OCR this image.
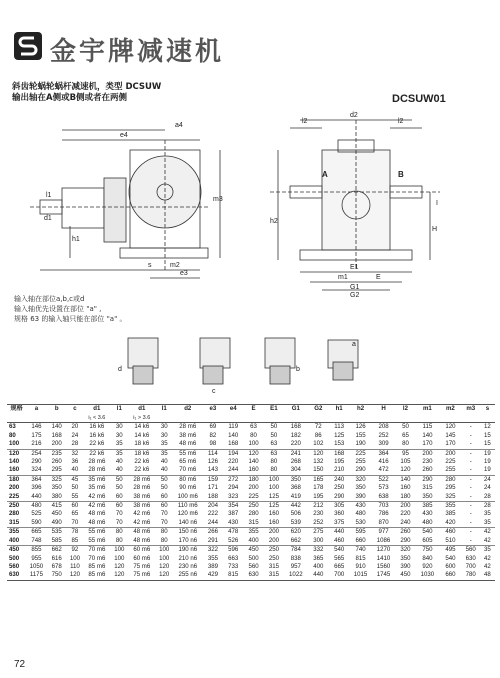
金宇牌减速机
斜齿轮蜗轮蜗杆减速机，类型 DCSUW
输出轴在A侧或B侧或者在两侧	DCSUW01
a4
e4
m2
e3
l1
d1
h1
s
m3
l2	l2
d2
A	B
I
h2
H
E1
m1	E
G1
G2
输入轴在部位a,b,c或d
输入轴优先设置在部位 "a" ,
规格 63 的输入轴只能在部位 "a" 。
d
c
b
a
规格	a	b	c	d1	l1	d1	l1	d2	e3	e4	E	E1	G1	G2	h1	h2	H	l2	m1	m2	m3	s
				i₁ < 3.6		i₁ > 3.6																
63	146	140	20	16 k6	30	14 k6	30	28 m6	69	119	63	50	168	72	113	126	208	50	115	120	-	12
80	175	168	24	16 k6	30	14 k6	30	38 m6	82	140	80	50	182	86	125	155	252	65	140	145	-	15
100	216	200	28	22 k6	35	18 k6	35	48 m6	98	168	100	63	220	102	153	190	309	80	170	170	-	15
120	254	235	32	22 k6	35	18 k6	35	55 m6	114	194	120	63	241	120	168	225	364	95	200	200	-	19
140	290	260	36	28 m6	40	22 k6	40	65 m6	126	220	140	80	268	132	195	255	416	105	230	225	-	19
160	324	295	40	28 m6	40	22 k6	40	70 m6	143	244	160	80	304	150	210	290	472	120	260	255	-	19
180	364	325	45	35 m6	50	28 m6	50	80 m6	159	272	180	100	350	165	240	320	522	140	290	280	-	24
200	396	350	50	35 m6	50	28 m6	50	90 m6	171	294	200	100	368	178	250	350	573	160	315	295	-	24
225	440	380	55	42 m6	60	38 m6	60	100 m6	188	323	225	125	419	195	290	390	638	180	350	325	-	28
250	480	415	60	42 m6	60	38 m6	60	110 m6	204	354	250	125	442	212	305	430	703	200	385	355	-	28
280	525	450	65	48 m6	70	42 m6	70	120 m6	222	387	280	160	506	230	360	480	786	220	430	385	-	35
315	590	490	70	48 m6	70	42 m6	70	140 n6	244	430	315	160	539	252	375	530	870	240	480	420	-	35
355	665	535	78	55 m6	80	48 m6	80	150 n6	266	478	355	200	620	275	440	595	977	260	540	460	-	42
400	748	585	85	55 m6	80	48 m6	80	170 n6	291	526	400	200	662	300	460	660	1086	290	605	510	-	42
450	855	662	92	70 m6	100	60 m6	100	190 n6	322	596	450	250	784	332	540	740	1270	320	750	495	560	35
500	955	616	100	70 m6	100	60 m6	100	210 n6	355	663	500	250	838	365	565	815	1410	350	840	540	630	42
560	1050	678	110	85 m6	120	75 m6	120	230 n6	389	733	560	315	957	400	665	910	1560	390	920	600	700	42
630	1175	750	120	85 m6	120	75 m6	120	255 n6	429	815	630	315	1022	440	700	1015	1745	450	1030	660	780	48
72
